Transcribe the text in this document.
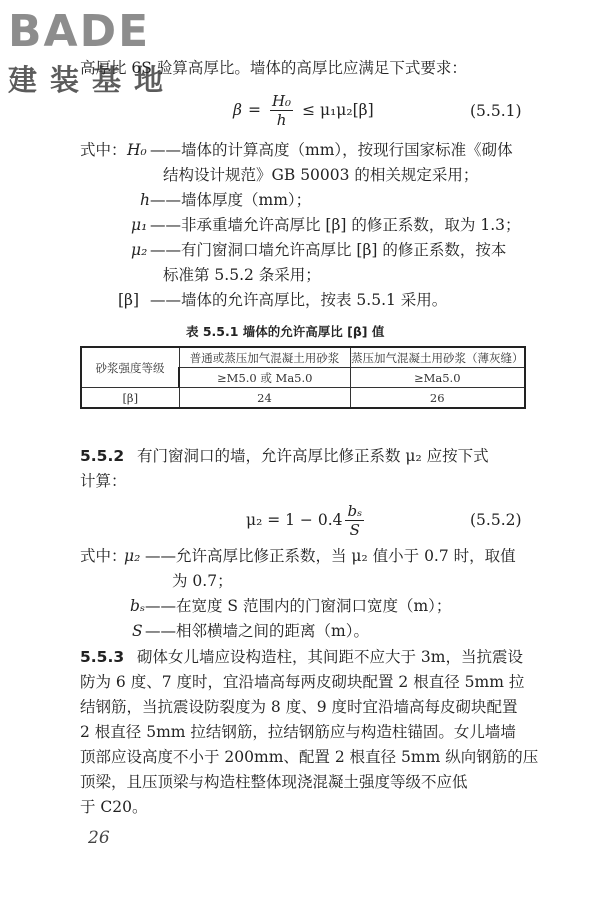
BADE
建装基地
高厚比 6S 验算高厚比。墙体的高厚比应满足下式要求：
$\beta = \frac{\text{H₀}}{h} \le \mu_1\mu_2[\beta]$	(5.5.1)
式中： H₀ ——墙体的计算高度（mm），按现行国家标准《砌体
结构设计规范》GB 50003 的相关规定采用；
h ——墙体厚度（mm）；
μ₁ ——非承重墙允许高厚比 [β] 的修正系数，取为 1.3；
μ₂ ——有门窗洞口墙允许高厚比 [β] 的修正系数，按本
标准第 5.5.2 条采用；
[β] ——墙体的允许高厚比，按表 5.5.1 采用。
表 5.5.1 墙体的允许高厚比 [β] 值
砂浆强度等级	普通或蒸压加气混凝土用砂浆	蒸压加气混凝土用砂浆（薄灰缝）
	≥M5.0 或 Ma5.0	≥Ma5.0
[β]	24	26
5.5.2 有门窗洞口的墙，允许高厚比修正系数 μ₂ 应按下式
计算：
$\mu_2 = 1 - 0.4 \frac{\text{bₛ}}{S}$	(5.5.2)
式中：
μ₂ ——允许高厚比修正系数，当 μ₂ 值小于 0.7 时，取值
为 0.7；
bₛ ——在宽度 S 范围内的门窗洞口宽度（m）；
S ——相邻横墙之间的距离（m）。
5.5.3 砌体女儿墙应设构造柱，其间距不应大于 3m，当抗震设
防为 6 度、7 度时，宜沿墙高每两皮砌块配置 2 根直径 5mm 拉
结钢筋，当抗震设防裂度为 8 度、9 度时宜沿墙高每皮砌块配置
2 根直径 5mm 拉结钢筋，拉结钢筋应与构造柱锚固。女儿墙墙
顶部应设高度不小于 200mm、配置 2 根直径 5mm 纵向钢筋的压
顶梁，且压顶梁与构造柱整体现浇混凝土强度等级不应低
于 C20。
26
